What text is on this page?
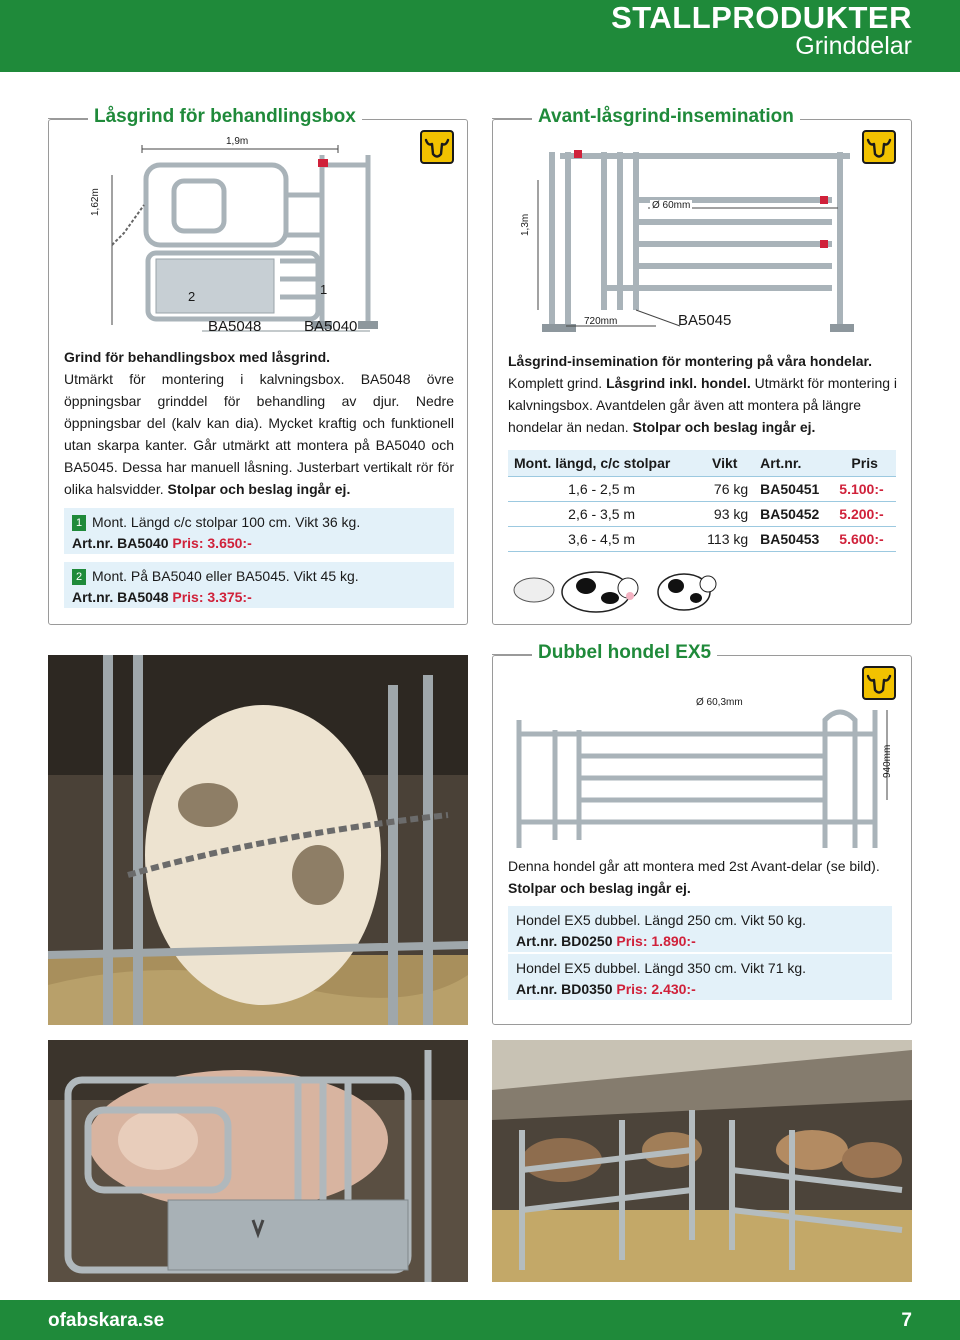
STALLPRODUKTER
Grinddelar
Låsgrind för behandlingsbox
1,9m
1,62m
2	1
BA5048	BA5040
Grind för behandlingsbox med låsgrind.
Utmärkt för montering i kalvningsbox. BA5048 övre öppningsbar grinddel för behandling av djur. Nedre öppningsbar del (kalv kan dia). Mycket kraftig och funktionell utan skarpa kanter. Går utmärkt att montera på BA5040 och BA5045. Dessa har manuell låsning. Justerbart vertikalt rör för olika halsvidder. Stolpar och beslag ingår ej.
1 Mont. Längd c/c stolpar 100 cm. Vikt 36 kg.
Art.nr. BA5040 Pris: 3.650:-
2 Mont. På BA5040 eller BA5045. Vikt 45 kg.
Art.nr. BA5048 Pris: 3.375:-
Avant-låsgrind-insemination
Ø 60mm
1,3m
720mm	BA5045
Låsgrind-insemination för montering på våra hondelar. Komplett grind. Låsgrind inkl. hondel. Utmärkt för montering i kalvningsbox. Avantdelen går även att montera på längre hondelar än nedan. Stolpar och beslag ingår ej.
Mont. längd, c/c stolpar	Vikt	Art.nr.	Pris
1,6 - 2,5 m	76 kg	BA50451	5.100:-
2,6 - 3,5 m	93 kg	BA50452	5.200:-
3,6 - 4,5 m	113 kg	BA50453	5.600:-
Dubbel hondel EX5
Ø 60,3mm
940mm
Denna hondel går att montera med 2st Avant-delar (se bild). Stolpar och beslag ingår ej.
Hondel EX5 dubbel. Längd 250 cm. Vikt 50 kg.
Art.nr. BD0250 Pris: 1.890:-
Hondel EX5 dubbel. Längd 350 cm. Vikt 71 kg.
Art.nr. BD0350 Pris: 2.430:-
ofabskara.se	7
